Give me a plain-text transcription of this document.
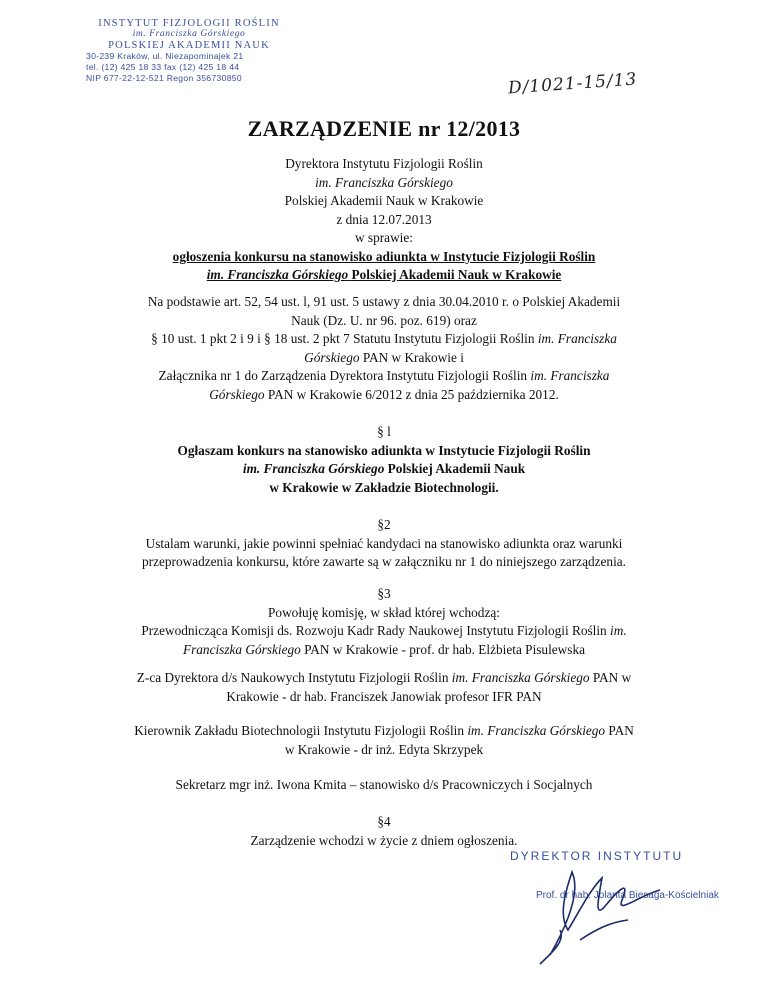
INSTYTUT FIZJOLOGII ROŚLIN
im. Franciszka Górskiego
POLSKIEJ AKADEMII NAUK
30-239 Kraków, ul. Niezapominajek 21
tel. (12) 425 18 33 fax (12) 425 18 44
NIP 677-22-12-521 Regon 356730850	D/1021-15/13
ZARZĄDZENIE nr 12/2013

Dyrektora Instytutu Fizjologii Roślin

im. Franciszka Górskiego

Polskiej Akademii Nauk w Krakowie

z dnia 12.07.2013

w sprawie:

ogłoszenia konkursu na stanowisko adiunkta w Instytucie Fizjologii Roślin

im. Franciszka Górskiego Polskiej Akademii Nauk w Krakowie

Na podstawie art. 52, 54 ust. l, 91 ust. 5 ustawy z dnia 30.04.2010 r. o Polskiej Akademii

Nauk (Dz. U. nr 96. poz. 619) oraz

§ 10 ust. 1 pkt 2 i 9 i § 18 ust. 2 pkt 7 Statutu Instytutu Fizjologii Roślin im. Franciszka

Górskiego PAN w Krakowie i

Załącznika nr 1 do Zarządzenia Dyrektora Instytutu Fizjologii Roślin im. Franciszka

Górskiego PAN w Krakowie 6/2012 z dnia 25 października 2012.

§ l

Ogłaszam konkurs na stanowisko adiunkta w Instytucie Fizjologii Roślin

im. Franciszka Górskiego Polskiej Akademii Nauk

w Krakowie w Zakładzie Biotechnologii.

§2

Ustalam warunki, jakie powinni spełniać kandydaci na stanowisko adiunkta oraz warunki

przeprowadzenia konkursu, które zawarte są w załączniku nr 1 do niniejszego zarządzenia.

§3

Powołuję komisję, w skład której wchodzą:

Przewodnicząca Komisji ds. Rozwoju Kadr Rady Naukowej Instytutu Fizjologii Roślin im.

Franciszka Górskiego PAN w Krakowie - prof. dr hab. Elżbieta Pisulewska

Z-ca Dyrektora d/s Naukowych Instytutu Fizjologii Roślin im. Franciszka Górskiego PAN w

Krakowie - dr hab. Franciszek Janowiak profesor IFR PAN

Kierownik Zakładu Biotechnologii Instytutu Fizjologii Roślin im. Franciszka Górskiego PAN

w Krakowie - dr inż. Edyta Skrzypek

Sekretarz mgr inż. Iwona Kmita – stanowisko d/s Pracowniczych i Socjalnych

§4

Zarządzenie wchodzi w życie z dniem ogłoszenia.

DYREKTOR INSTYTUTU
Prof. dr hab. Jolanta Biesaga-Kościelniak
